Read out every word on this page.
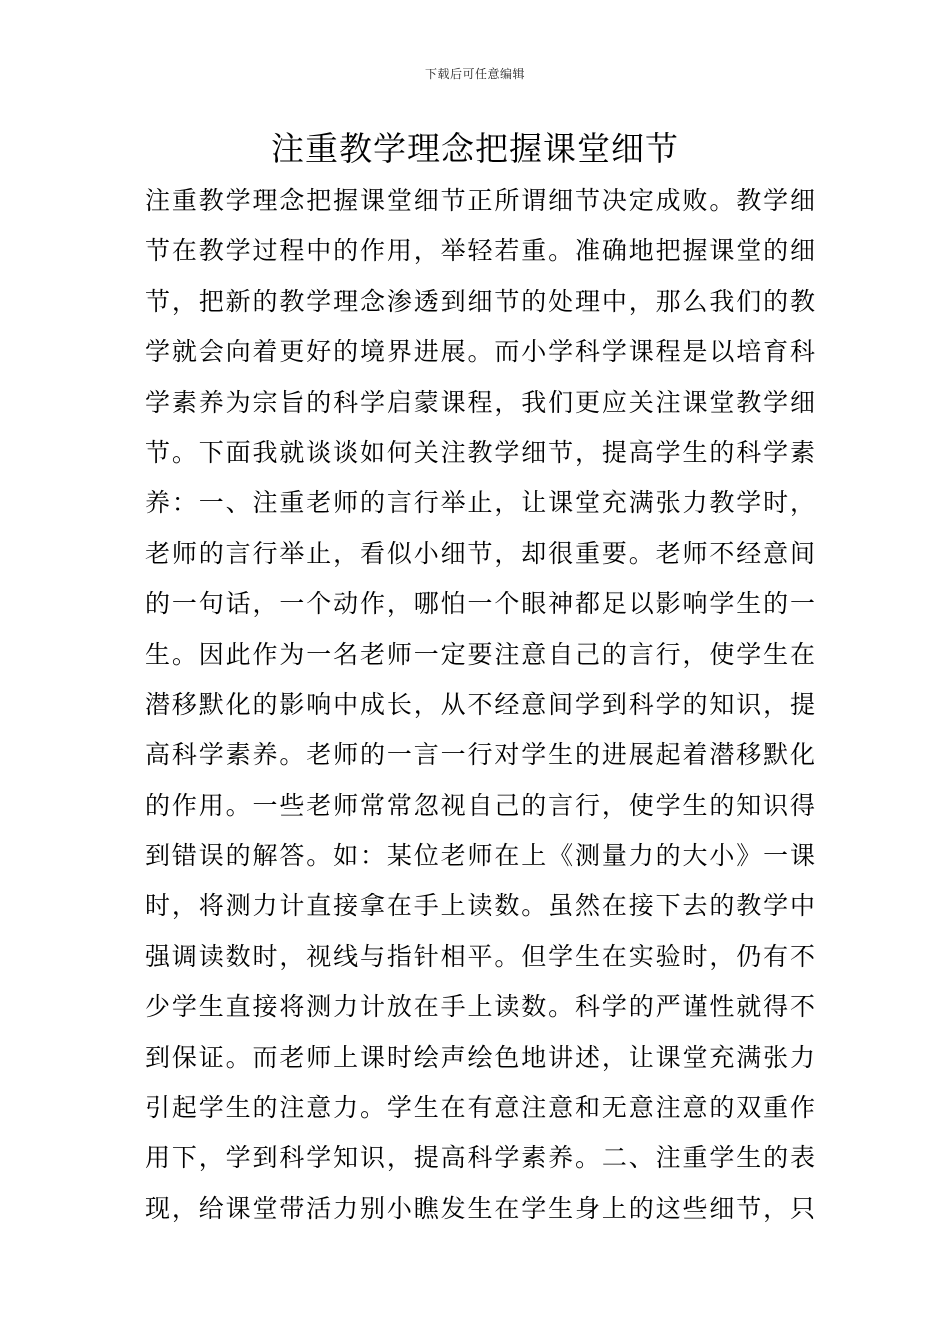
下载后可任意编辑
注重教学理念把握课堂细节
注重教学理念把握课堂细节正所谓细节决定成败。教学细
节在教学过程中的作用，举轻若重。准确地把握课堂的细
节，把新的教学理念渗透到细节的处理中，那么我们的教
学就会向着更好的境界进展。而小学科学课程是以培育科
学素养为宗旨的科学启蒙课程，我们更应关注课堂教学细
节。下面我就谈谈如何关注教学细节，提高学生的科学素
养：一、注重老师的言行举止，让课堂充满张力教学时，
老师的言行举止，看似小细节，却很重要。老师不经意间
的一句话，一个动作，哪怕一个眼神都足以影响学生的一
生。因此作为一名老师一定要注意自己的言行，使学生在
潜移默化的影响中成长，从不经意间学到科学的知识，提
高科学素养。老师的一言一行对学生的进展起着潜移默化
的作用。一些老师常常忽视自己的言行，使学生的知识得
到错误的解答。如：某位老师在上《测量力的大小》一课
时，将测力计直接拿在手上读数。虽然在接下去的教学中
强调读数时，视线与指针相平。但学生在实验时，仍有不
少学生直接将测力计放在手上读数。科学的严谨性就得不
到保证。而老师上课时绘声绘色地讲述，让课堂充满张力
引起学生的注意力。学生在有意注意和无意注意的双重作
用下，学到科学知识，提高科学素养。二、注重学生的表
现，给课堂带活力别小瞧发生在学生身上的这些细节，只
